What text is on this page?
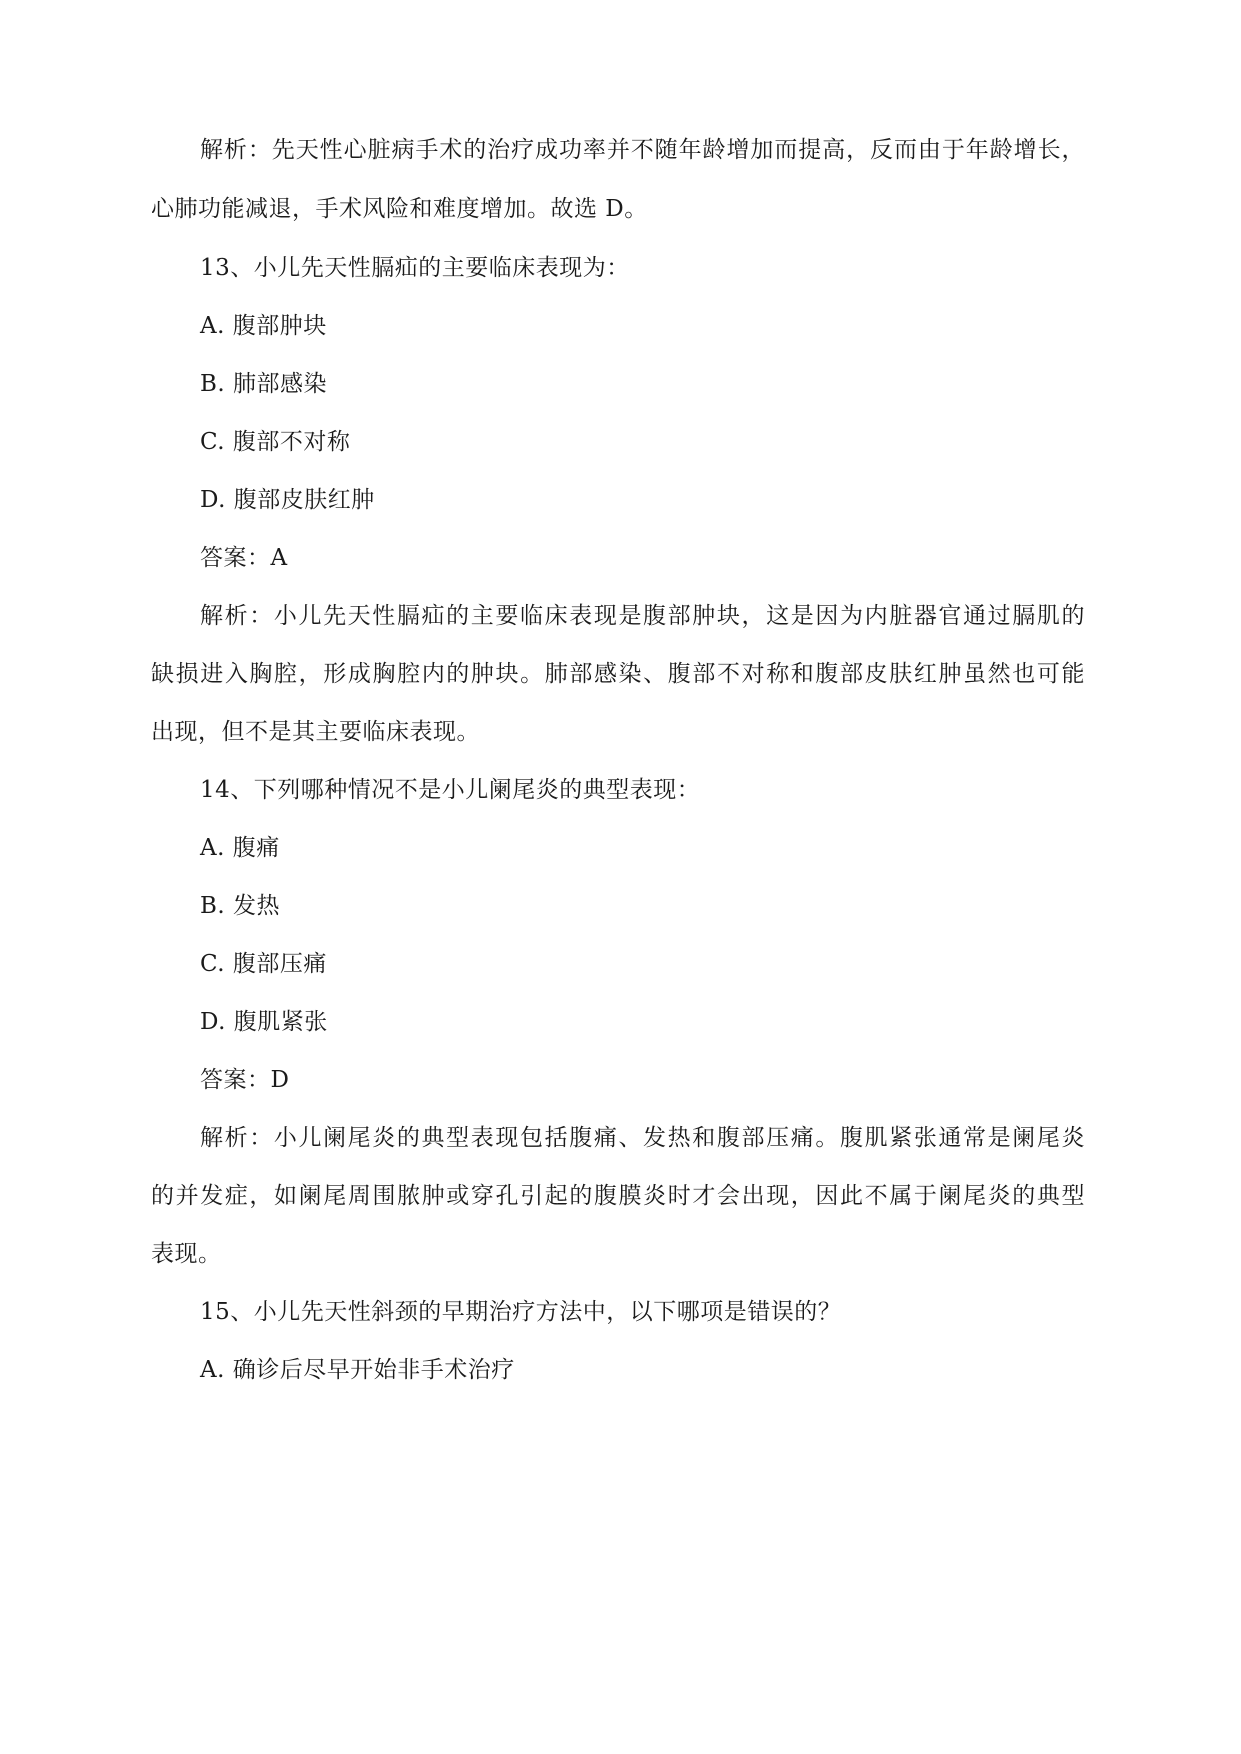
解析：先天性心脏病手术的治疗成功率并不随年龄增加而提高，反而由于年龄增长，
心肺功能减退，手术风险和难度增加。故选 D。
13、小儿先天性膈疝的主要临床表现为：
A. 腹部肿块
B. 肺部感染
C. 腹部不对称
D. 腹部皮肤红肿
答案：A
解析：小儿先天性膈疝的主要临床表现是腹部肿块，这是因为内脏器官通过膈肌的
缺损进入胸腔，形成胸腔内的肿块。肺部感染、腹部不对称和腹部皮肤红肿虽然也可能
出现，但不是其主要临床表现。
14、下列哪种情况不是小儿阑尾炎的典型表现：
A. 腹痛
B. 发热
C. 腹部压痛
D. 腹肌紧张
答案：D
解析：小儿阑尾炎的典型表现包括腹痛、发热和腹部压痛。腹肌紧张通常是阑尾炎
的并发症，如阑尾周围脓肿或穿孔引起的腹膜炎时才会出现，因此不属于阑尾炎的典型
表现。
15、小儿先天性斜颈的早期治疗方法中，以下哪项是错误的？
A. 确诊后尽早开始非手术治疗
